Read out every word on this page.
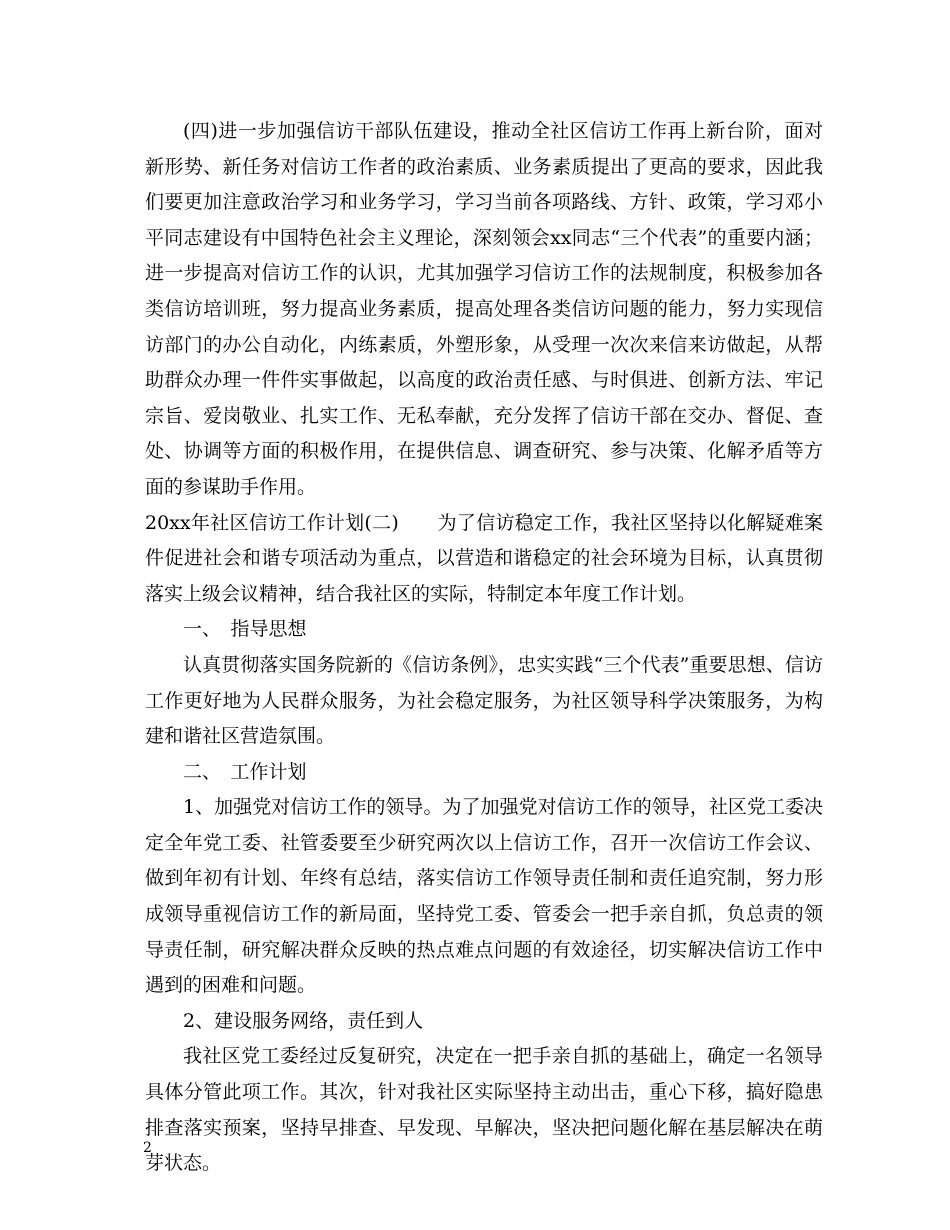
(四)进一步加强信访干部队伍建设，推动全社区信访工作再上新台阶，面对新形势、新任务对信访工作者的政治素质、业务素质提出了更高的要求，因此我们要更加注意政治学习和业务学习，学习当前各项路线、方针、政策，学习邓小平同志建设有中国特色社会主义理论，深刻领会xx同志“三个代表”的重要内涵；进一步提高对信访工作的认识，尤其加强学习信访工作的法规制度，积极参加各类信访培训班，努力提高业务素质，提高处理各类信访问题的能力，努力实现信访部门的办公自动化，内练素质，外塑形象，从受理一次次来信来访做起，从帮助群众办理一件件实事做起，以高度的政治责任感、与时俱进、创新方法、牢记宗旨、爱岗敬业、扎实工作、无私奉献，充分发挥了信访干部在交办、督促、查处、协调等方面的积极作用，在提供信息、调查研究、参与决策、化解矛盾等方面的参谋助手作用。

20xx年社区信访工作计划(二)　　为了信访稳定工作，我社区坚持以化解疑难案件促进社会和谐专项活动为重点，以营造和谐稳定的社会环境为目标，认真贯彻落实上级会议精神，结合我社区的实际，特制定本年度工作计划。

一、　指导思想

认真贯彻落实国务院新的《信访条例》，忠实实践“三个代表”重要思想、信访工作更好地为人民群众服务，为社会稳定服务，为社区领导科学决策服务，为构建和谐社区营造氛围。

二、　工作计划

1、加强党对信访工作的领导。为了加强党对信访工作的领导，社区党工委决定全年党工委、社管委要至少研究两次以上信访工作，召开一次信访工作会议、做到年初有计划、年终有总结，落实信访工作领导责任制和责任追究制，努力形成领导重视信访工作的新局面，坚持党工委、管委会一把手亲自抓，负总责的领导责任制，研究解决群众反映的热点难点问题的有效途径，切实解决信访工作中遇到的困难和问题。

2、建设服务网络，责任到人

我社区党工委经过反复研究，决定在一把手亲自抓的基础上，确定一名领导具体分管此项工作。其次，针对我社区实际坚持主动出击，重心下移，搞好隐患排查落实预案，坚持早排查、早发现、早解决，坚决把问题化解在基层解决在萌芽状态。

2
